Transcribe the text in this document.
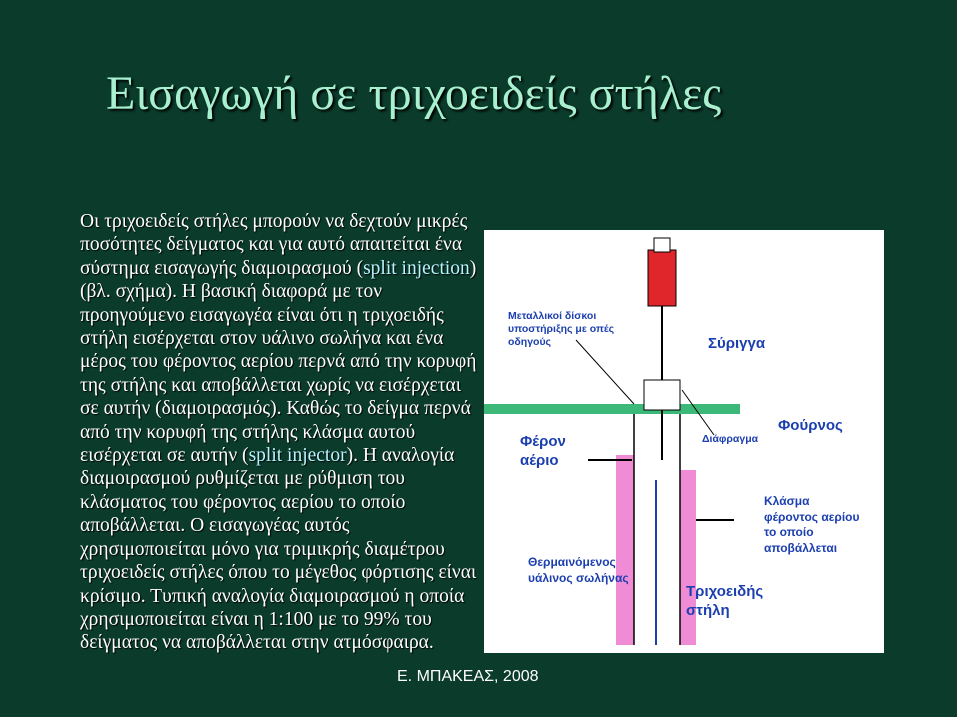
Εισαγωγή σε τριχοειδείς στήλες
Οι τριχοειδείς στήλες μπορούν να δεχτούν μικρές ποσότητες δείγματος και για αυτό απαιτείται ένα σύστημα εισαγωγής διαμοιρασμού (split injection) (βλ. σχήμα). Η βασική διαφορά με τον προηγούμενο εισαγωγέα είναι ότι η τριχοειδής στήλη εισέρχεται στον υάλινο σωλήνα και ένα μέρος του φέροντος αερίου περνά από την κορυφή της στήλης και αποβάλλεται χωρίς να εισέρχεται σε αυτήν (διαμοιρασμός). Καθώς το δείγμα περνά από την κορυφή της στήλης κλάσμα αυτού εισέρχεται σε αυτήν (split injector). Η αναλογία διαμοιρασμού ρυθμίζεται με ρύθμιση του κλάσματος του φέροντος αερίου το οποίο αποβάλλεται. Ο εισαγωγέας αυτός χρησιμοποιείται μόνο για τριμικρής διαμέτρου τριχοειδείς στήλες όπου το μέγεθος φόρτισης είναι κρίσιμο. Τυπική αναλογία διαμοιρασμού η οποία χρησιμοποιείται είναι η 1:100 με το 99% του δείγματος να αποβάλλεται στην ατμόσφαιρα.
Μεταλλικοί δίσκοι υποστήριξης με οπές οδηγούς	Σύριγγα
Διάφραγμα
Φούρνος
Φέρον αέριο
Κλάσμα φέροντος αερίου το οποίο αποβάλλεται
Θερμαινόμενος υάλινος σωλήνας
Τριχοειδής στήλη
Ε. ΜΠΑΚΕΑΣ, 2008
